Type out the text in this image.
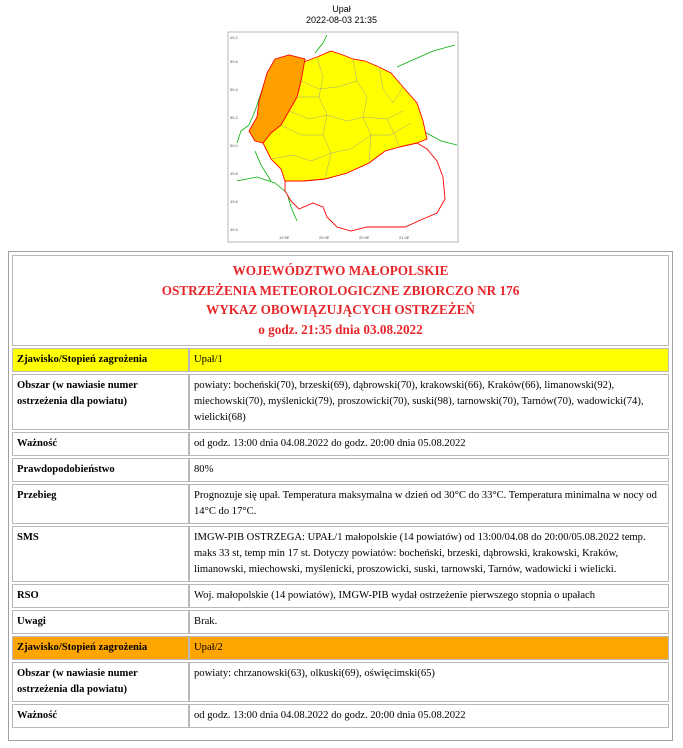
Upał
2022-08-03 21:35
50.6
50.4
50.2
50.0
49.8
49.6
49.4
49.2
19.5E	20.0E	20.5E	21.0E
WOJEWÓDZTWO MAŁOPOLSKIE
OSTRZEŻENIA METEOROLOGICZNE ZBIORCZO NR 176
WYKAZ OBOWIĄZUJĄCYCH OSTRZEŻEŃ
o godz. 21:35 dnia 03.08.2022
Zjawisko/Stopień zagrożenia	Upał/1
Obszar (w nawiasie numer ostrzeżenia dla powiatu)	powiaty: bocheński(70), brzeski(69), dąbrowski(70), krakowski(66), Kraków(66), limanowski(92), miechowski(70), myślenicki(79), proszowicki(70), suski(98), tarnowski(70), Tarnów(70), wadowicki(74), wielicki(68)
Ważność	od godz. 13:00 dnia 04.08.2022 do godz. 20:00 dnia 05.08.2022
Prawdopodobieństwo	80%
Przebieg	Prognozuje się upał. Temperatura maksymalna w dzień od 30°C do 33°C. Temperatura minimalna w nocy od 14°C do 17°C.
SMS	IMGW-PIB OSTRZEGA: UPAŁ/1 małopolskie (14 powiatów) od 13:00/04.08 do 20:00/05.08.2022 temp. maks 33 st, temp min 17 st. Dotyczy powiatów: bocheński, brzeski, dąbrowski, krakowski, Kraków, limanowski, miechowski, myślenicki, proszowicki, suski, tarnowski, Tarnów, wadowicki i wielicki.
RSO	Woj. małopolskie (14 powiatów), IMGW-PIB wydał ostrzeżenie pierwszego stopnia o upałach
Uwagi	Brak.
Zjawisko/Stopień zagrożenia	Upał/2
Obszar (w nawiasie numer ostrzeżenia dla powiatu)	powiaty: chrzanowski(63), olkuski(69), oświęcimski(65)
Ważność	od godz. 13:00 dnia 04.08.2022 do godz. 20:00 dnia 05.08.2022
